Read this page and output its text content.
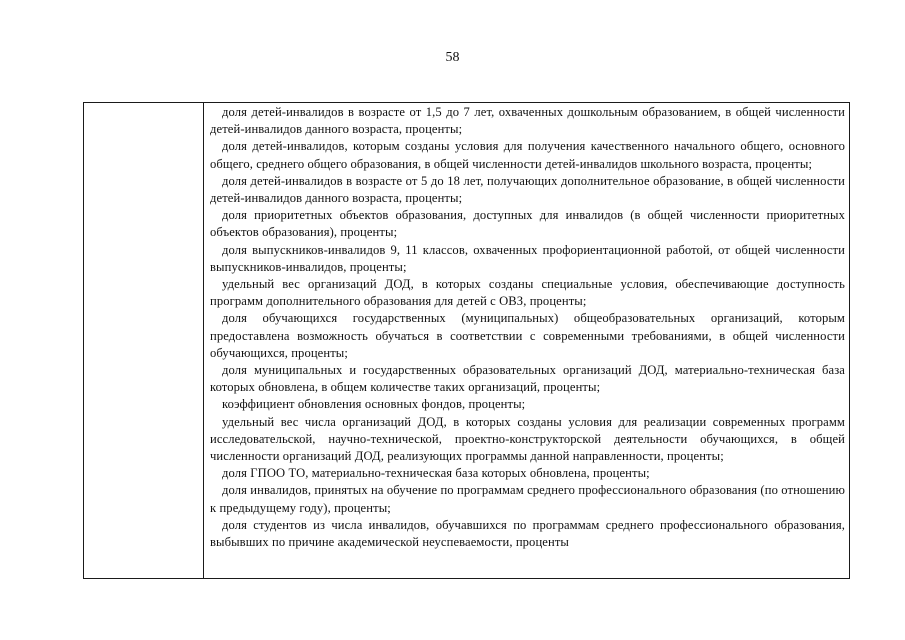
58

доля детей-инвалидов в возрасте от 1,5 до 7 лет, охваченных дошкольным образованием, в общей численности детей-инвалидов данного возраста, проценты;

доля детей-инвалидов, которым созданы условия для получения качественного начального общего, основного общего, среднего общего образования, в общей численности детей-инвалидов школьного возраста, проценты;

доля детей-инвалидов в возрасте от 5 до 18 лет, получающих дополнительное образование, в общей численности детей-инвалидов данного возраста, проценты;

доля приоритетных объектов образования, доступных для инвалидов (в общей численности приоритетных объектов образования), проценты;

доля выпускников-инвалидов 9, 11 классов, охваченных профориентационной работой, от общей численности выпускников-инвалидов, проценты;

удельный вес организаций ДОД, в которых созданы специальные условия, обеспечивающие доступность программ дополнительного образования для детей с ОВЗ, проценты;

доля обучающихся государственных (муниципальных) общеобразовательных организаций, которым предоставлена возможность обучаться в соответствии с современными требованиями, в общей численности обучающихся, проценты;

доля муниципальных и государственных образовательных организаций ДОД, материально-техническая база которых обновлена, в общем количестве таких организаций, проценты;

коэффициент обновления основных фондов, проценты;

удельный вес числа организаций ДОД, в которых созданы условия для реализации современных программ исследовательской, научно-технической, проектно-конструкторской деятельности обучающихся, в общей численности организаций ДОД, реализующих программы данной направленности, проценты;

доля ГПОО ТО, материально-техническая база которых обновлена, проценты;

доля инвалидов, принятых на обучение по программам среднего профессионального образования (по отношению к предыдущему году), проценты;

доля студентов из числа инвалидов, обучавшихся по программам среднего профессионального образования, выбывших по причине академической неуспеваемости, проценты
